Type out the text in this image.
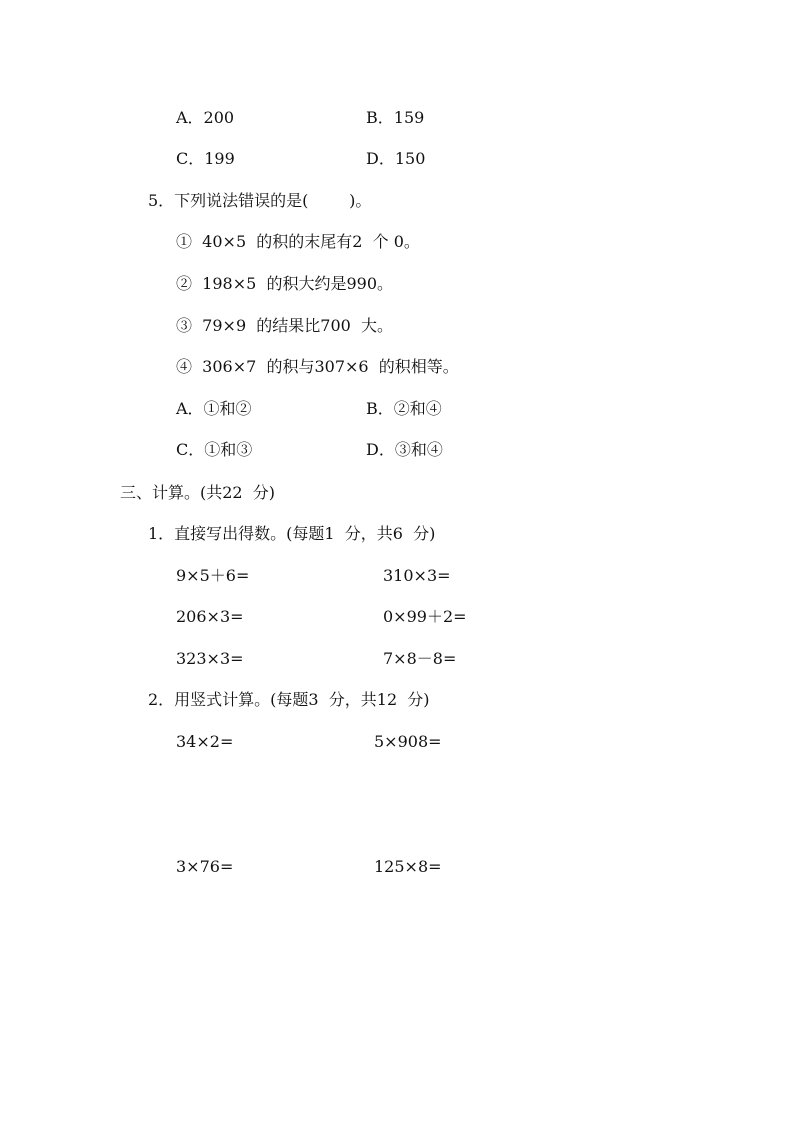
A．200	B．159
C．199	D．150
5．下列说法错误的是(        )。
①  40×5  的积的末尾有2  个 0。
②  198×5  的积大约是990。
③  79×9  的结果比700  大。
④  306×7  的积与307×6  的积相等。
A．①和②	B．②和④
C．①和③	D．③和④
三、计算。(共22  分)
1．直接写出得数。(每题1  分，共6  分)
9×5＋6=	310×3=
206×3=	0×99＋2=
323×3=	7×8－8=
2．用竖式计算。(每题3  分，共12  分)
34×2=	5×908=
3×76=	125×8=
